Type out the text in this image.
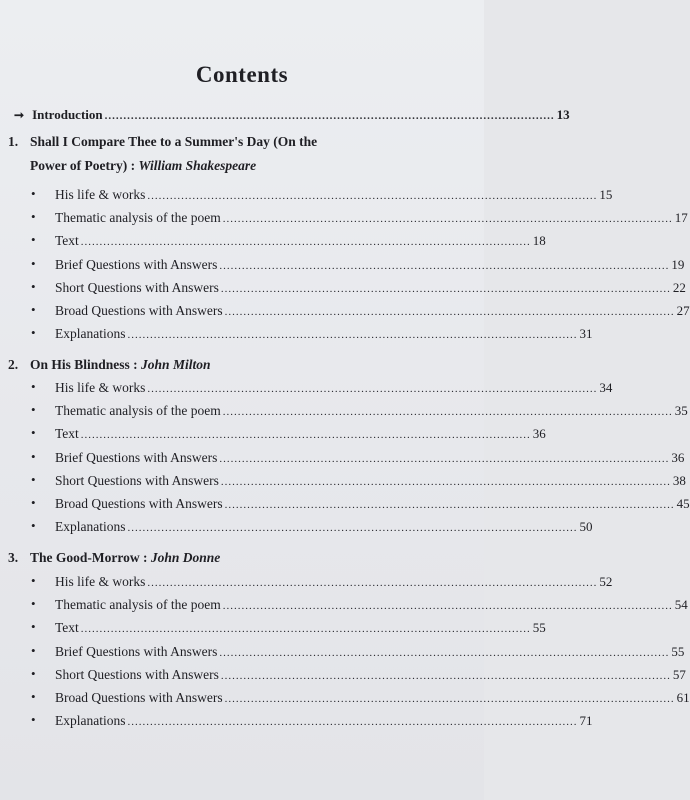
Contents
➞ Introduction ........................................................................................................................ 13
1. Shall I Compare Thee to a Summer's Day (On the
Power of Poetry) : William Shakespeare
• His life & works ........................................................................................................................ 15
• Thematic analysis of the poem ........................................................................................................................ 17
• Text ........................................................................................................................ 18
• Brief Questions with Answers ........................................................................................................................ 19
• Short Questions with Answers ........................................................................................................................ 22
• Broad Questions with Answers ........................................................................................................................ 27
• Explanations ........................................................................................................................ 31
2. On His Blindness : John Milton
• His life & works ........................................................................................................................ 34
• Thematic analysis of the poem ........................................................................................................................ 35
• Text ........................................................................................................................ 36
• Brief Questions with Answers ........................................................................................................................ 36
• Short Questions with Answers ........................................................................................................................ 38
• Broad Questions with Answers ........................................................................................................................ 45
• Explanations ........................................................................................................................ 50
3. The Good-Morrow : John Donne
• His life & works ........................................................................................................................ 52
• Thematic analysis of the poem ........................................................................................................................ 54
• Text ........................................................................................................................ 55
• Brief Questions with Answers ........................................................................................................................ 55
• Short Questions with Answers ........................................................................................................................ 57
• Broad Questions with Answers ........................................................................................................................ 61
• Explanations ........................................................................................................................ 71
